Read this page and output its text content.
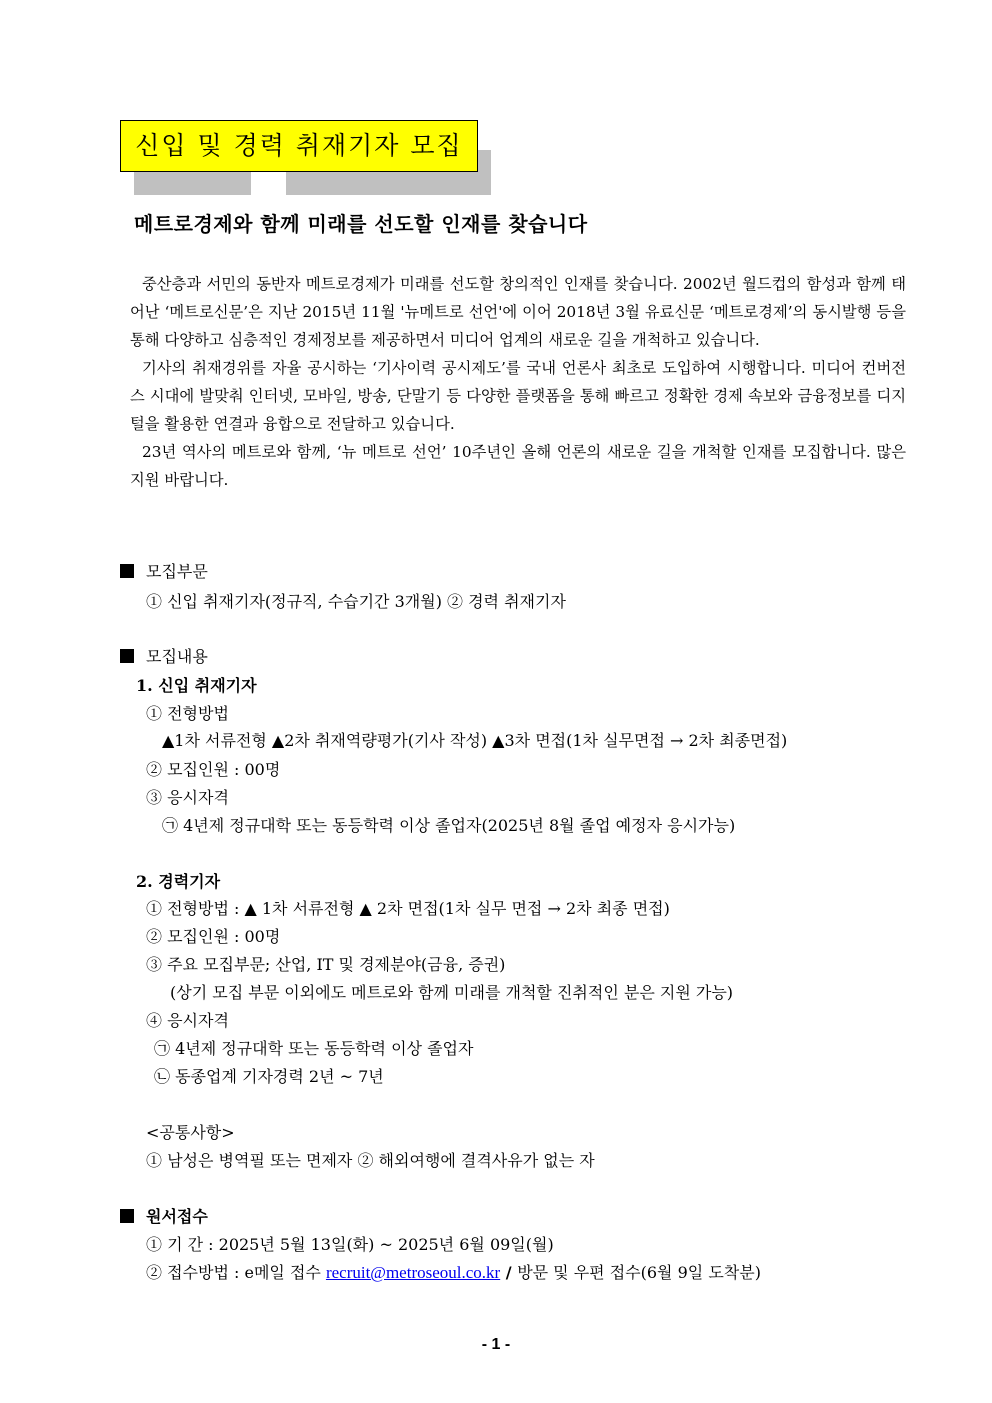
신입 및 경력 취재기자 모집
메트로경제와 함께 미래를 선도할 인재를 찾습니다

중산층과 서민의 동반자 메트로경제가 미래를 선도할 창의적인 인재를 찾습니다. 2002년 월드컵의 함성과 함께 태어난 ‘메트로신문’은 지난 2015년 11월 '뉴메트로 선언'에 이어 2018년 3월 유료신문 ‘메트로경제’의 동시발행 등을 통해 다양하고 심층적인 경제정보를 제공하면서 미디어 업계의 새로운 길을 개척하고 있습니다.

기사의 취재경위를 자율 공시하는 ‘기사이력 공시제도’를 국내 언론사 최초로 도입하여 시행합니다. 미디어 컨버전스 시대에 발맞춰 인터넷, 모바일, 방송, 단말기 등 다양한 플랫폼을 통해 빠르고 정확한 경제 속보와 금융정보를 디지털을 활용한 연결과 융합으로 전달하고 있습니다.

23년 역사의 메트로와 함께, ‘뉴 메트로 선언’ 10주년인 올해 언론의 새로운 길을 개척할 인재를 모집합니다. 많은 지원 바랍니다.

모집부문
① 신입 취재기자(정규직, 수습기간 3개월) ② 경력 취재기자
모집내용
1. 신입 취재기자
① 전형방법
▲1차 서류전형 ▲2차 취재역량평가(기사 작성) ▲3차 면접(1차 실무면접 → 2차 최종면접)
② 모집인원 : 00명
③ 응시자격
㉠ 4년제 정규대학 또는 동등학력 이상 졸업자(2025년 8월 졸업 예정자 응시가능)
2. 경력기자
① 전형방법 : ▲ 1차 서류전형 ▲ 2차 면접(1차 실무 면접 → 2차 최종 면접)
② 모집인원 : 00명
③ 주요 모집부문; 산업, IT 및 경제분야(금융, 증권)
(상기 모집 부문 이외에도 메트로와 함께 미래를 개척할 진취적인 분은 지원 가능)
④ 응시자격
㉠ 4년제 정규대학 또는 동등학력 이상 졸업자
㉡ 동종업계 기자경력 2년 ~ 7년
<공통사항>
① 남성은 병역필 또는 면제자 ② 해외여행에 결격사유가 없는 자
원서접수
① 기 간 : 2025년 5월 13일(화) ~ 2025년 6월 09일(월)
② 접수방법 : e메일 접수 recruit@metroseoul.co.kr / 방문 및 우편 접수(6월 9일 도착분)
- 1 -
